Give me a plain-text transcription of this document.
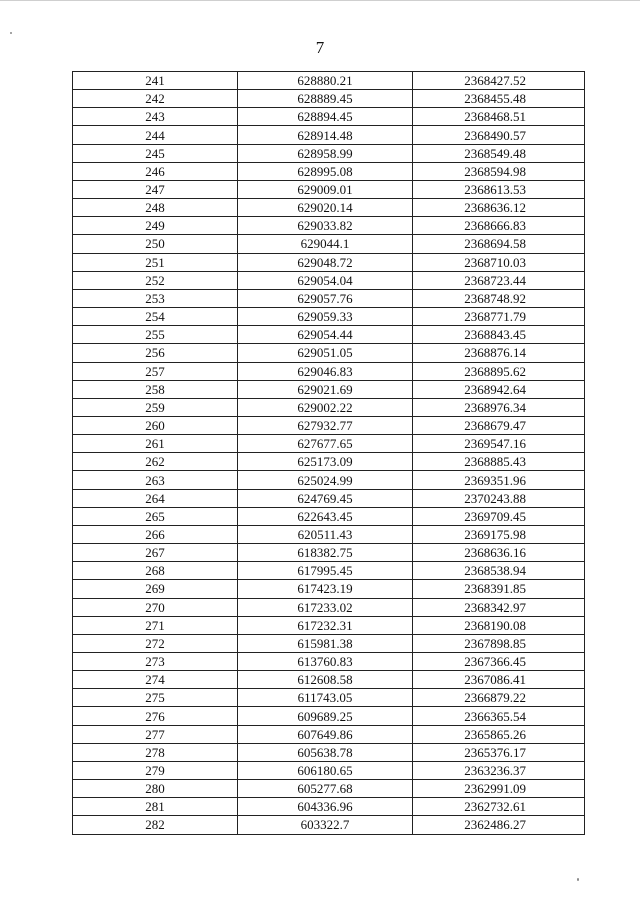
7
241	628880.21	2368427.52
242	628889.45	2368455.48
243	628894.45	2368468.51
244	628914.48	2368490.57
245	628958.99	2368549.48
246	628995.08	2368594.98
247	629009.01	2368613.53
248	629020.14	2368636.12
249	629033.82	2368666.83
250	629044.1	2368694.58
251	629048.72	2368710.03
252	629054.04	2368723.44
253	629057.76	2368748.92
254	629059.33	2368771.79
255	629054.44	2368843.45
256	629051.05	2368876.14
257	629046.83	2368895.62
258	629021.69	2368942.64
259	629002.22	2368976.34
260	627932.77	2368679.47
261	627677.65	2369547.16
262	625173.09	2368885.43
263	625024.99	2369351.96
264	624769.45	2370243.88
265	622643.45	2369709.45
266	620511.43	2369175.98
267	618382.75	2368636.16
268	617995.45	2368538.94
269	617423.19	2368391.85
270	617233.02	2368342.97
271	617232.31	2368190.08
272	615981.38	2367898.85
273	613760.83	2367366.45
274	612608.58	2367086.41
275	611743.05	2366879.22
276	609689.25	2366365.54
277	607649.86	2365865.26
278	605638.78	2365376.17
279	606180.65	2363236.37
280	605277.68	2362991.09
281	604336.96	2362732.61
282	603322.7	2362486.27
